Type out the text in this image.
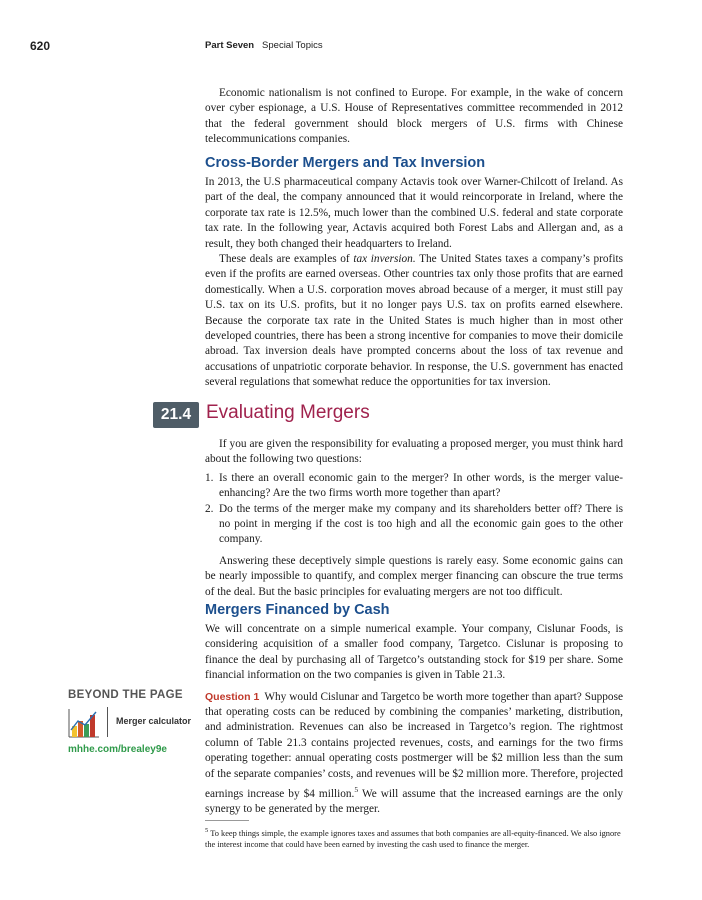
620	Part Seven Special Topics

Economic nationalism is not confined to Europe. For example, in the wake of concern over cyber espionage, a U.S. House of Representatives committee recommended in 2012 that the federal government should block mergers of U.S. firms with Chinese telecommunications companies.

Cross-Border Mergers and Tax Inversion

In 2013, the U.S pharmaceutical company Actavis took over Warner-Chilcott of Ireland. As part of the deal, the company announced that it would reincorporate in Ireland, where the corporate tax rate is 12.5%, much lower than the combined U.S. federal and state corporate tax rate. In the following year, Actavis acquired both Forest Labs and Allergan and, as a result, they both changed their headquarters to Ireland.

These deals are examples of tax inversion. The United States taxes a company’s profits even if the profits are earned overseas. Other countries tax only those profits that are earned domestically. When a U.S. corporation moves abroad because of a merger, it must still pay U.S. tax on its U.S. profits, but it no longer pays U.S. tax on profits earned elsewhere. Because the corporate tax rate in the United States is much higher than in most other developed countries, there has been a strong incentive for companies to move their domicile abroad. Tax inversion deals have prompted concerns about the loss of tax revenue and accusations of unpatriotic corporate behavior. In response, the U.S. government has enacted several regulations that somewhat reduce the opportunities for tax inversion.

21.4 Evaluating Mergers

If you are given the responsibility for evaluating a proposed merger, you must think hard about the following two questions:

1. Is there an overall economic gain to the merger? In other words, is the merger value-enhancing? Are the two firms worth more together than apart?
2. Do the terms of the merger make my company and its shareholders better off? There is no point in merging if the cost is too high and all the economic gain goes to the other company.

Answering these deceptively simple questions is rarely easy. Some economic gains can be nearly impossible to quantify, and complex merger financing can obscure the true terms of the deal. But the basic principles for evaluating mergers are not too difficult.

Mergers Financed by Cash

We will concentrate on a simple numerical example. Your company, Cislunar Foods, is considering acquisition of a smaller food company, Targetco. Cislunar is proposing to finance the deal by purchasing all of Targetco’s outstanding stock for $19 per share. Some financial information on the two companies is given in Table 21.3.

Question 1 Why would Cislunar and Targetco be worth more together than apart? Suppose that operating costs can be reduced by combining the companies’ marketing, distribution, and administration. Revenues can also be increased in Targetco’s region. The rightmost column of Table 21.3 contains projected revenues, costs, and earnings for the two firms operating together: annual operating costs postmerger will be $2 million less than the sum of the separate companies’ costs, and revenues will be $2 million more. Therefore, projected earnings increase by $4 million.$^5$ We will assume that the increased earnings are the only synergy to be generated by the merger.

BEYOND THE PAGE
Merger calculator
mhhe.com/brealey9e

$^5$ To keep things simple, the example ignores taxes and assumes that both companies are all-equity-financed. We also ignore the interest income that could have been earned by investing the cash used to finance the merger.
